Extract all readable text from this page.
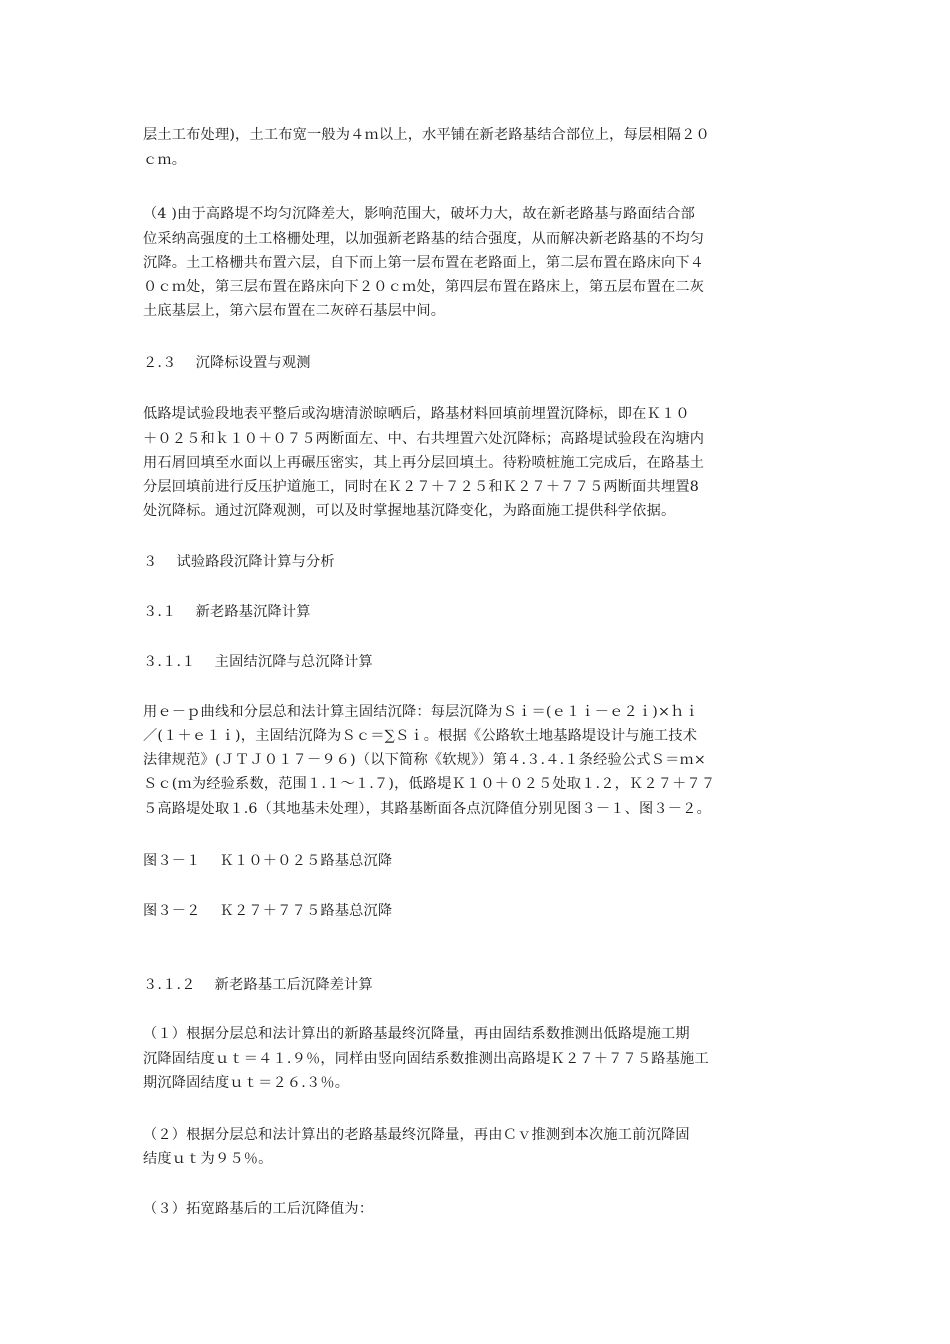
层土工布处理)，土工布宽一般为４ｍ以上，水平铺在新老路基结合部位上，每层相隔２０
ｃｍ。
（4 )由于高路堤不均匀沉降差大，影响范围大，破坏力大，故在新老路基与路面结合部
位采纳高强度的土工格栅处理，以加强新老路基的结合强度，从而解决新老路基的不均匀
沉降。土工格栅共布置六层，自下而上第一层布置在老路面上，第二层布置在路床向下４
０ｃｍ处，第三层布置在路床向下２０ｃｍ处，第四层布置在路床上，第五层布置在二灰
土底基层上，第六层布置在二灰碎石基层中间。
２.３　 沉降标设置与观测
低路堤试验段地表平整后或沟塘清淤晾晒后，路基材料回填前埋置沉降标，即在Ｋ１０
＋０２５和ｋ１０＋０７５两断面左、中、右共埋置六处沉降标；高路堤试验段在沟塘内
用石屑回填至水面以上再碾压密实，其上再分层回填土。待粉喷桩施工完成后，在路基土
分层回填前进行反压护道施工，同时在Ｋ２７＋７２５和Ｋ２７＋７７５两断面共埋置8
处沉降标。通过沉降观测，可以及时掌握地基沉降变化，为路面施工提供科学依据。
３　 试验路段沉降计算与分析
３.１　 新老路基沉降计算
３.１.１　 主固结沉降与总沉降计算
用ｅ－ｐ曲线和分层总和法计算主固结沉降：每层沉降为Ｓｉ＝(ｅ１ｉ－ｅ２ｉ)×ｈｉ
／(１＋ｅ１ｉ)，主固结沉降为Ｓｃ＝∑Ｓｉ。根据《公路软土地基路堤设计与施工技术
法律规范》(ＪＴＪ０１７－９６)（以下简称《软规》）第４.３.４.１条经验公式Ｓ＝ｍ×
Ｓｃ(ｍ为经验系数，范围１.１～１.７)，低路堤Ｋ１０＋０２５处取１.２，Ｋ２７＋７７
５高路堤处取１.6（其地基未处理），其路基断面各点沉降值分别见图３－１、图３－２。
图３－１　 Ｋ１０＋０２５路基总沉降
图３－２　 Ｋ２７＋７７５路基总沉降
３.１.２　 新老路基工后沉降差计算
（１）根据分层总和法计算出的新路基最终沉降量，再由固结系数推测出低路堤施工期
沉降固结度ｕｔ＝４１.９％，同样由竖向固结系数推测出高路堤Ｋ２７＋７７５路基施工
期沉降固结度ｕｔ＝２６.３％。
（２）根据分层总和法计算出的老路基最终沉降量，再由Ｃｖ推测到本次施工前沉降固
结度ｕｔ为９５％。
（３）拓宽路基后的工后沉降值为：
